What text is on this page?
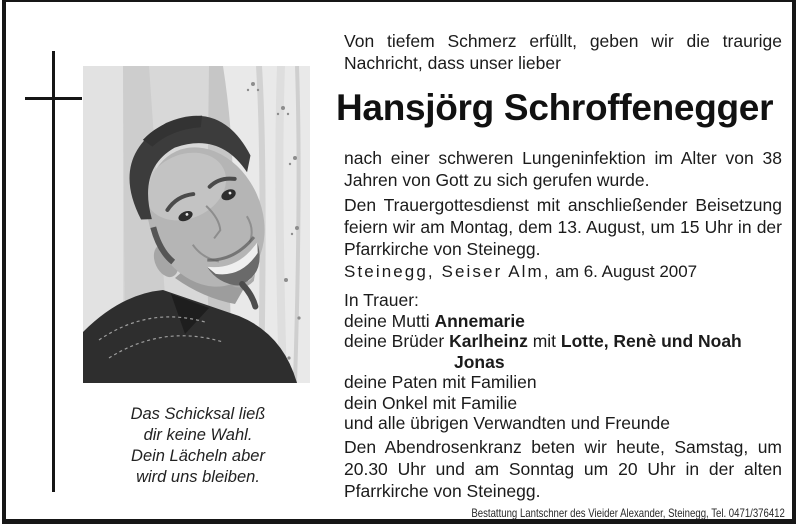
Das Schicksal ließ
dir keine Wahl.
Dein Lächeln aber
wird uns bleiben.
Von tiefem Schmerz erfüllt, geben wir die traurige Nachricht, dass unser lieber
Hansjörg Schroffenegger
nach einer schweren Lungeninfektion im Alter von 38 Jahren von Gott zu sich gerufen wurde.
Den Trauergottesdienst mit anschließender Beisetzung feiern wir am Montag, dem 13. August, um 15 Uhr in der Pfarrkirche von Steinegg.
Steinegg, Seiser Alm, am 6. August 2007
In Trauer:
deine Mutti Annemarie
deine Brüder Karlheinz mit Lotte, Renè und Noah
Jonas
deine Paten mit Familien
dein Onkel mit Familie
und alle übrigen Verwandten und Freunde
Den Abendrosenkranz beten wir heute, Samstag, um 20.30 Uhr und am Sonntag um 20 Uhr in der alten Pfarrkirche von Steinegg.
Bestattung Lantschner des Vieider Alexander, Steinegg, Tel. 0471/376412
